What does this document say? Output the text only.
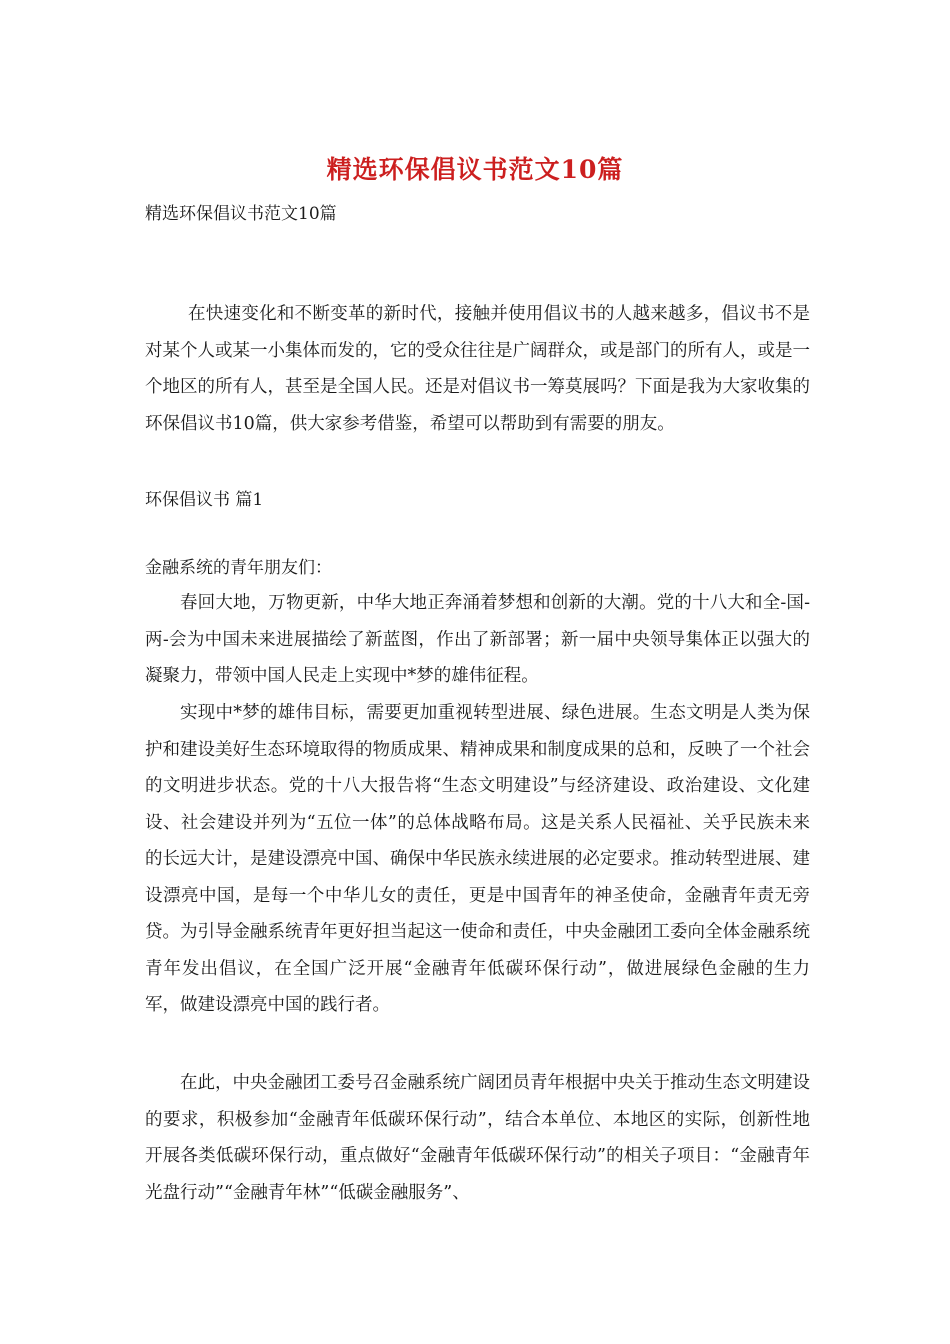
精选环保倡议书范文10篇

精选环保倡议书范文10篇

在快速变化和不断变革的新时代，接触并使用倡议书的人越来越多，倡议书不是对某个人或某一小集体而发的，它的受众往往是广阔群众，或是部门的所有人，或是一个地区的所有人，甚至是全国人民。还是对倡议书一筹莫展吗？下面是我为大家收集的环保倡议书10篇，供大家参考借鉴，希望可以帮助到有需要的朋友。

环保倡议书 篇1

金融系统的青年朋友们：

春回大地，万物更新，中华大地正奔涌着梦想和创新的大潮。党的十八大和全-国-两-会为中国未来进展描绘了新蓝图，作出了新部署；新一届中央领导集体正以强大的凝聚力，带领中国人民走上实现中*梦的雄伟征程。

实现中*梦的雄伟目标，需要更加重视转型进展、绿色进展。生态文明是人类为保护和建设美好生态环境取得的物质成果、精神成果和制度成果的总和，反映了一个社会的文明进步状态。党的十八大报告将“生态文明建设”与经济建设、政治建设、文化建设、社会建设并列为“五位一体”的总体战略布局。这是关系人民福祉、关乎民族未来的长远大计，是建设漂亮中国、确保中华民族永续进展的必定要求。推动转型进展、建设漂亮中国，是每一个中华儿女的责任，更是中国青年的神圣使命，金融青年责无旁贷。为引导金融系统青年更好担当起这一使命和责任，中央金融团工委向全体金融系统青年发出倡议，在全国广泛开展“金融青年低碳环保行动”，做进展绿色金融的生力军，做建设漂亮中国的践行者。

在此，中央金融团工委号召金融系统广阔团员青年根据中央关于推动生态文明建设的要求，积极参加“金融青年低碳环保行动”，结合本单位、本地区的实际，创新性地开展各类低碳环保行动，重点做好“金融青年低碳环保行动”的相关子项目：“金融青年光盘行动”“金融青年林”“低碳金融服务”、
